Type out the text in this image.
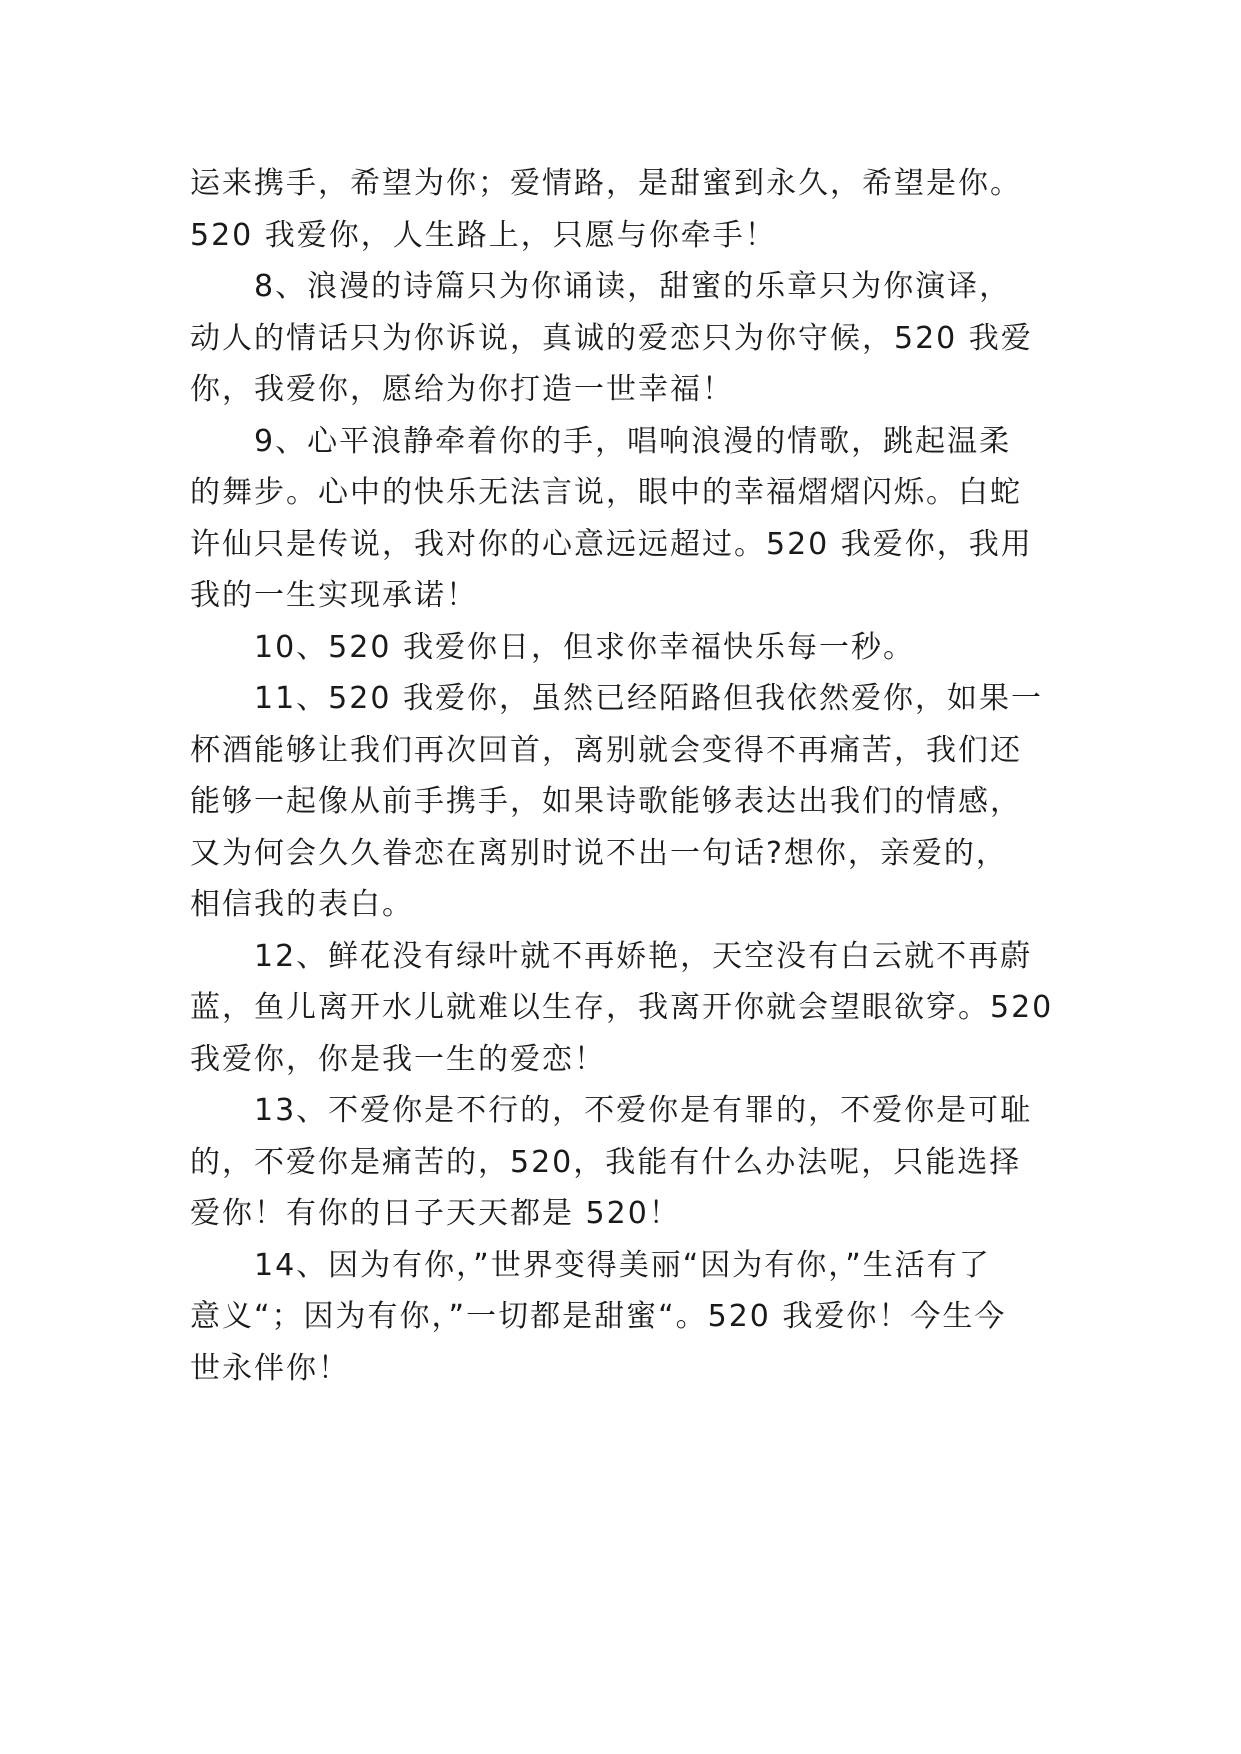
运来携手，希望为你；爱情路，是甜蜜到永久，希望是你。
520 我爱你，人生路上，只愿与你牵手！
8、浪漫的诗篇只为你诵读，甜蜜的乐章只为你演译，
动人的情话只为你诉说，真诚的爱恋只为你守候，520 我爱
你，我爱你，愿给为你打造一世幸福！
9、心平浪静牵着你的手，唱响浪漫的情歌，跳起温柔
的舞步。心中的快乐无法言说，眼中的幸福熠熠闪烁。白蛇
许仙只是传说，我对你的心意远远超过。520 我爱你，我用
我的一生实现承诺！
10、520 我爱你日，但求你幸福快乐每一秒。
11、520 我爱你，虽然已经陌路但我依然爱你，如果一
杯酒能够让我们再次回首，离别就会变得不再痛苦，我们还
能够一起像从前手携手，如果诗歌能够表达出我们的情感，
又为何会久久眷恋在离别时说不出一句话?想你，亲爱的，
相信我的表白。
12、鲜花没有绿叶就不再娇艳，天空没有白云就不再蔚
蓝，鱼儿离开水儿就难以生存，我离开你就会望眼欲穿。520
我爱你，你是我一生的爱恋！
13、不爱你是不行的，不爱你是有罪的，不爱你是可耻
的，不爱你是痛苦的，520，我能有什么办法呢，只能选择
爱你！有你的日子天天都是 520！
14、因为有你，”世界变得美丽“因为有你，”生活有了
意义“；因为有你，”一切都是甜蜜“。520 我爱你！今生今
世永伴你！
